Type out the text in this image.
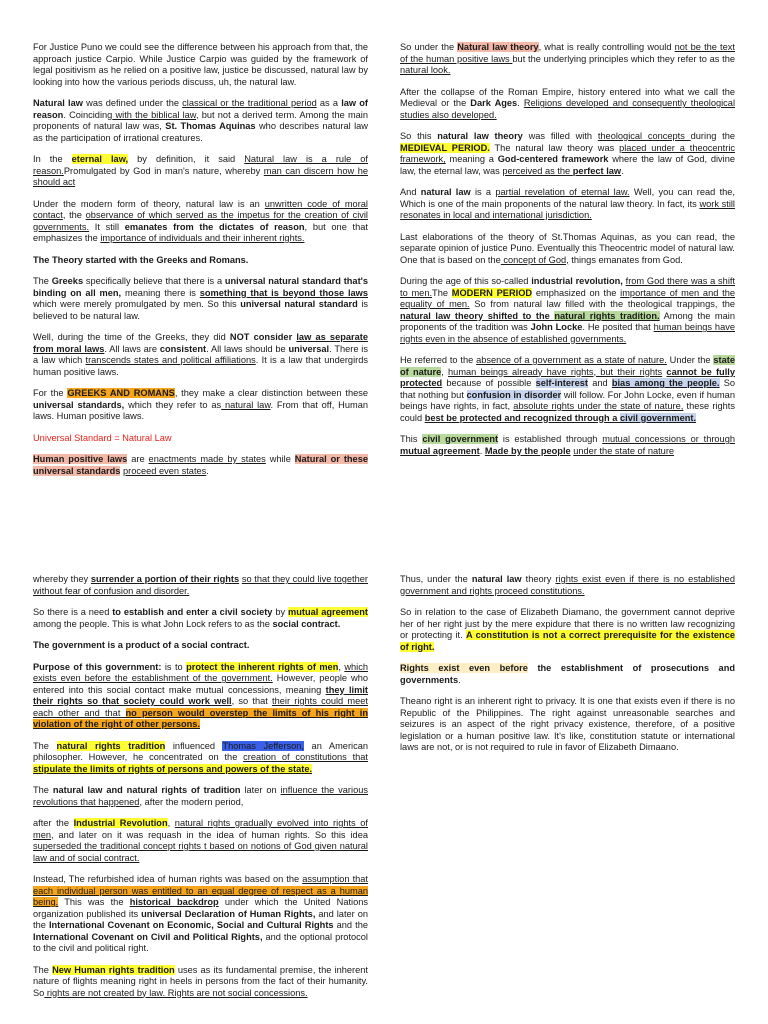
For Justice Puno we could see the difference between his approach from that, the approach justice Carpio. While Justice Carpio was guided by the framework of legal positivism as he relied on a positive law, justice be discussed, natural law by looking into how the various periods discuss, uh, the natural law.

Natural law was defined under the classical or the traditional period as a law of reason. Coinciding with the biblical law, but not a derived term. Among the main proponents of natural law was, St. Thomas Aquinas who describes natural law as the participation of irrational creatures.

In the eternal law, by definition, it said Natural law is a rule of reason.Promulgated by God in man's nature, whereby man can discern how he should act

Under the modern form of theory, natural law is an unwritten code of moral contact, the observance of which served as the impetus for the creation of civil governments. It still emanates from the dictates of reason, but one that emphasizes the importance of individuals and their inherent rights.

The Theory started with the Greeks and Romans.

The Greeks specifically believe that there is a universal natural standard that's binding on all men, meaning there is something that is beyond those laws which were merely promulgated by men. So this universal natural standard is believed to be natural law.

Well, during the time of the Greeks, they did NOT consider law as separate from moral laws. All laws are consistent. All laws should be universal. There is a law which transcends states and political affiliations. It is a law that undergirds human positive laws.

For the GREEKS AND ROMANS, they make a clear distinction between these universal standards, which they refer to as natural law. From that off, Human laws. Human positive laws.

Universal Standard = Natural Law

Human positive laws are enactments made by states while Natural or these universal standards proceed even states.

So under the Natural law theory, what is really controlling would not be the text of the human positive laws but the underlying principles which they refer to as the natural look.

After the collapse of the Roman Empire, history entered into what we call the Medieval or the Dark Ages. Religions developed and consequently theological studies also developed.

So this natural law theory was filled with theological concepts during the MEDIEVAL PERIOD. The natural law theory was placed under a theocentric framework, meaning a God-centered framework where the law of God, divine law, the eternal law, was perceived as the perfect law.

And natural law is a partial revelation of eternal law. Well, you can read the, Which is one of the main proponents of the natural law theory. In fact, its work still resonates in local and international jurisdiction.

Last elaborations of the theory of St.Thomas Aquinas, as you can read, the separate opinion of justice Puno. Eventually this Theocentric model of natural law. One that is based on the concept of God, things emanates from God.

During the age of this so-called industrial revolution, from God there was a shift to men.The MODERN PERIOD emphasized on the importance of men and the equality of men. So from natural law filled with the theological trappings, the natural law theory shifted to the natural rights tradition. Among the main proponents of the tradition was John Locke. He posited that human beings have rights even in the absence of established governments.

He referred to the absence of a government as a state of nature. Under the state of nature, human beings already have rights, but their rights cannot be fully protected because of possible self-interest and bias among the people. So that nothing but confusion in disorder will follow. For John Locke, even if human beings have rights, in fact, absolute rights under the state of nature, these rights could best be protected and recognized through a civil government.

This civil government is established through mutual concessions or through mutual agreement. Made by the people under the state of nature

whereby they surrender a portion of their rights so that they could live together without fear of confusion and disorder.

So there is a need to establish and enter a civil society by mutual agreement among the people. This is what John Lock refers to as the social contract.

The government is a product of a social contract.

Purpose of this government: is to protect the inherent rights of men, which exists even before the establishment of the government. However, people who entered into this social contact make mutual concessions, meaning they limit their rights so that society could work well, so that their rights could meet each other and that no person would overstep the limits of his right in violation of the right of other persons.

The natural rights tradition influenced Thomas Jefferson, an American philosopher. However, he concentrated on the creation of constitutions that stipulate the limits of rights of persons and powers of the state.

The natural law and natural rights of tradition later on influence the various revolutions that happened, after the modern period,

after the Industrial Revolution, natural rights gradually evolved into rights of men, and later on it was requash in the idea of human rights. So this idea superseded the traditional concept rights t based on notions of God given natural law and of social contract.

Instead, The refurbished idea of human rights was based on the assumption that each individual person was entitled to an equal degree of respect as a human being. This was the historical backdrop under which the United Nations organization published its universal Declaration of Human Rights, and later on the International Covenant on Economic, Social and Cultural Rights and the International Covenant on Civil and Political Rights, and the optional protocol to the civil and political right.

The New Human rights tradition uses as its fundamental premise, the inherent nature of flights meaning right in heels in persons from the fact of their humanity. So rights are not created by law. Rights are not social concessions.

Thus, under the natural law theory rights exist even if there is no established government and rights proceed constitutions.

So in relation to the case of Elizabeth Diamano, the government cannot deprive her of her right just by the mere expidure that there is no written law recognizing or protecting it. A constitution is not a correct prerequisite for the existence of right.

Rights exist even before the establishment of prosecutions and governments.

Theano right is an inherent right to privacy. It is one that exists even if there is no Republic of the Philippines. The right against unreasonable searches and seizures is an aspect of the right privacy existence, therefore, of a positive legislation or a human positive law. It's like, constitution statute or international laws are not, or is not required to rule in favor of Elizabeth Dimaano.
